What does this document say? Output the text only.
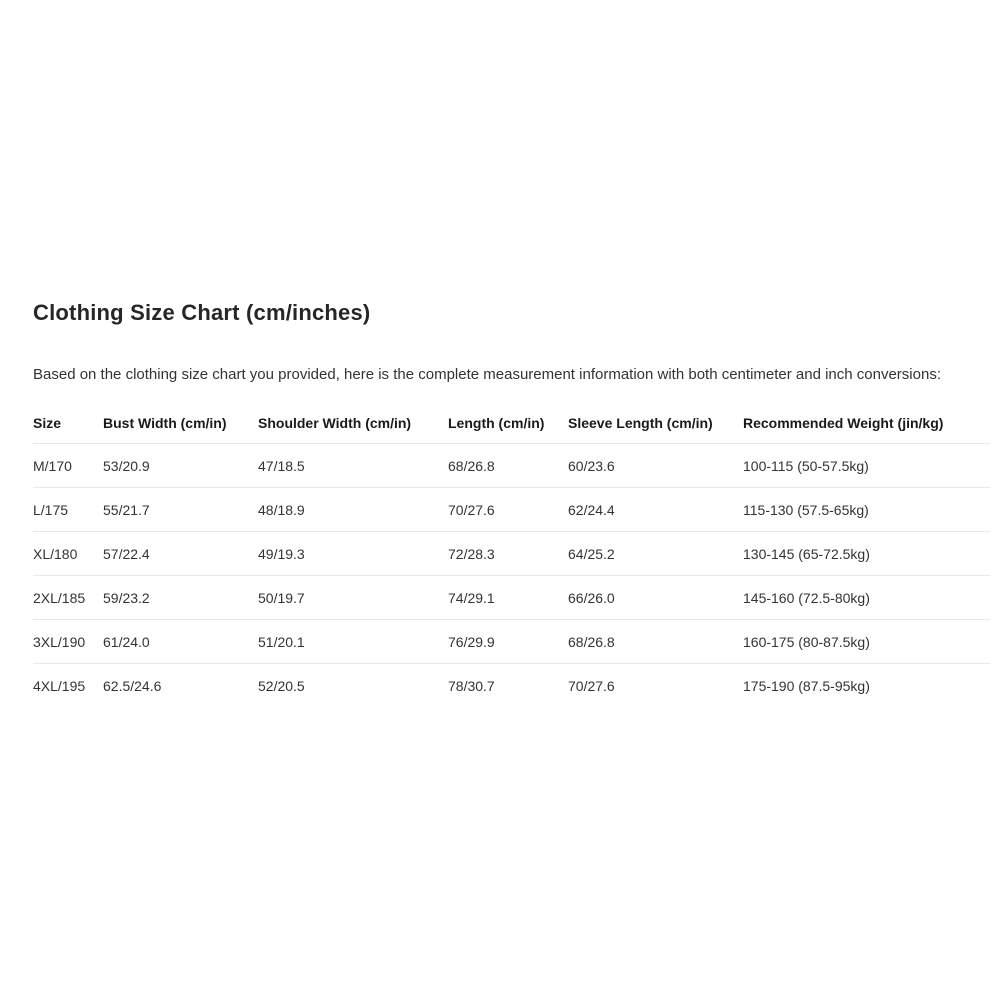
Clothing Size Chart (cm/inches)

Based on the clothing size chart you provided, here is the complete measurement information with both centimeter and inch conversions:

Size	Bust Width (cm/in)	Shoulder Width (cm/in)	Length (cm/in)	Sleeve Length (cm/in)	Recommended Weight (jin/kg)
M/170	53/20.9	47/18.5	68/26.8	60/23.6	100-115 (50-57.5kg)
L/175	55/21.7	48/18.9	70/27.6	62/24.4	115-130 (57.5-65kg)
XL/180	57/22.4	49/19.3	72/28.3	64/25.2	130-145 (65-72.5kg)
2XL/185	59/23.2	50/19.7	74/29.1	66/26.0	145-160 (72.5-80kg)
3XL/190	61/24.0	51/20.1	76/29.9	68/26.8	160-175 (80-87.5kg)
4XL/195	62.5/24.6	52/20.5	78/30.7	70/27.6	175-190 (87.5-95kg)
